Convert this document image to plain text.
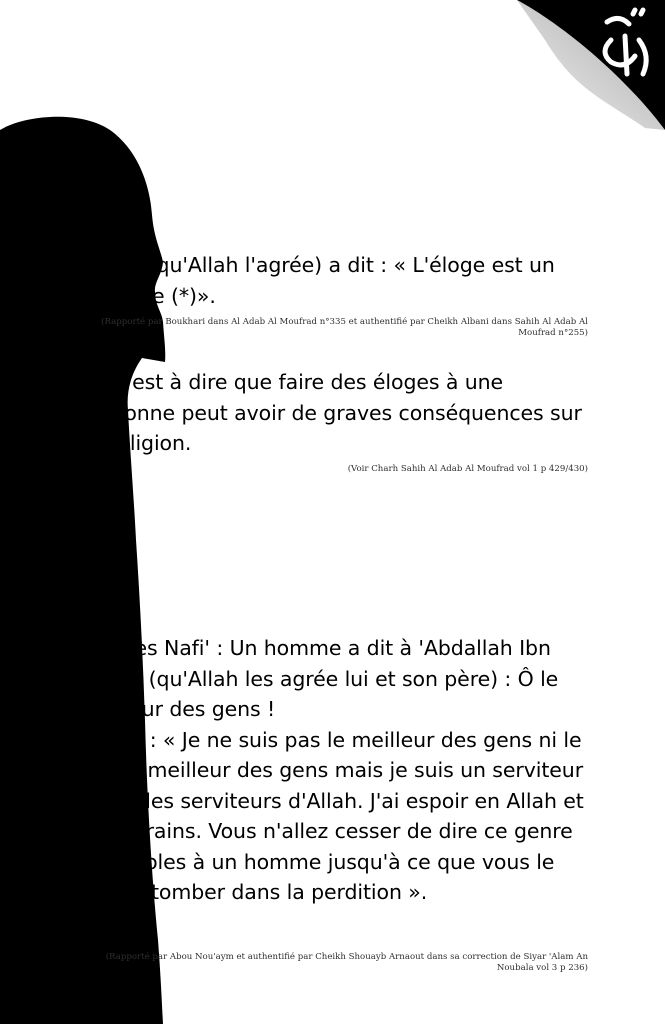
'Omar (qu'Allah l'agrée) a dit : « L'éloge est un sacrifice (*)».

(Rapporté par Boukhari dans Al Adab Al Moufrad n°335 et authentifié par Cheikh Albani dans Sahih Al Adab Al Moufrad n°255)

(*) C'est à dire que faire des éloges à une personne peut avoir de graves conséquences sur sa religion.

(Voir Charh Sahih Al Adab Al Moufrad vol 1 p 429/430)

D'après Nafi' : Un homme a dit à 'Abdallah Ibn 'Omar (qu'Allah les agrée lui et son père) : Ô le meilleur des gens !

Il a dit : « Je ne suis pas le meilleur des gens ni le fils du meilleur des gens mais je suis un serviteur parmi les serviteurs d'Allah. J'ai espoir en Allah et je Le crains. Vous n'allez cesser de dire ce genre de paroles à un homme jusqu'à ce que vous le faisiez tomber dans la perdition ».

(Rapporté par Abou Nou'aym et authentifié par Cheikh Shouayb Arnaout dans sa correction de Siyar 'Alam An Noubala vol 3 p 236)
